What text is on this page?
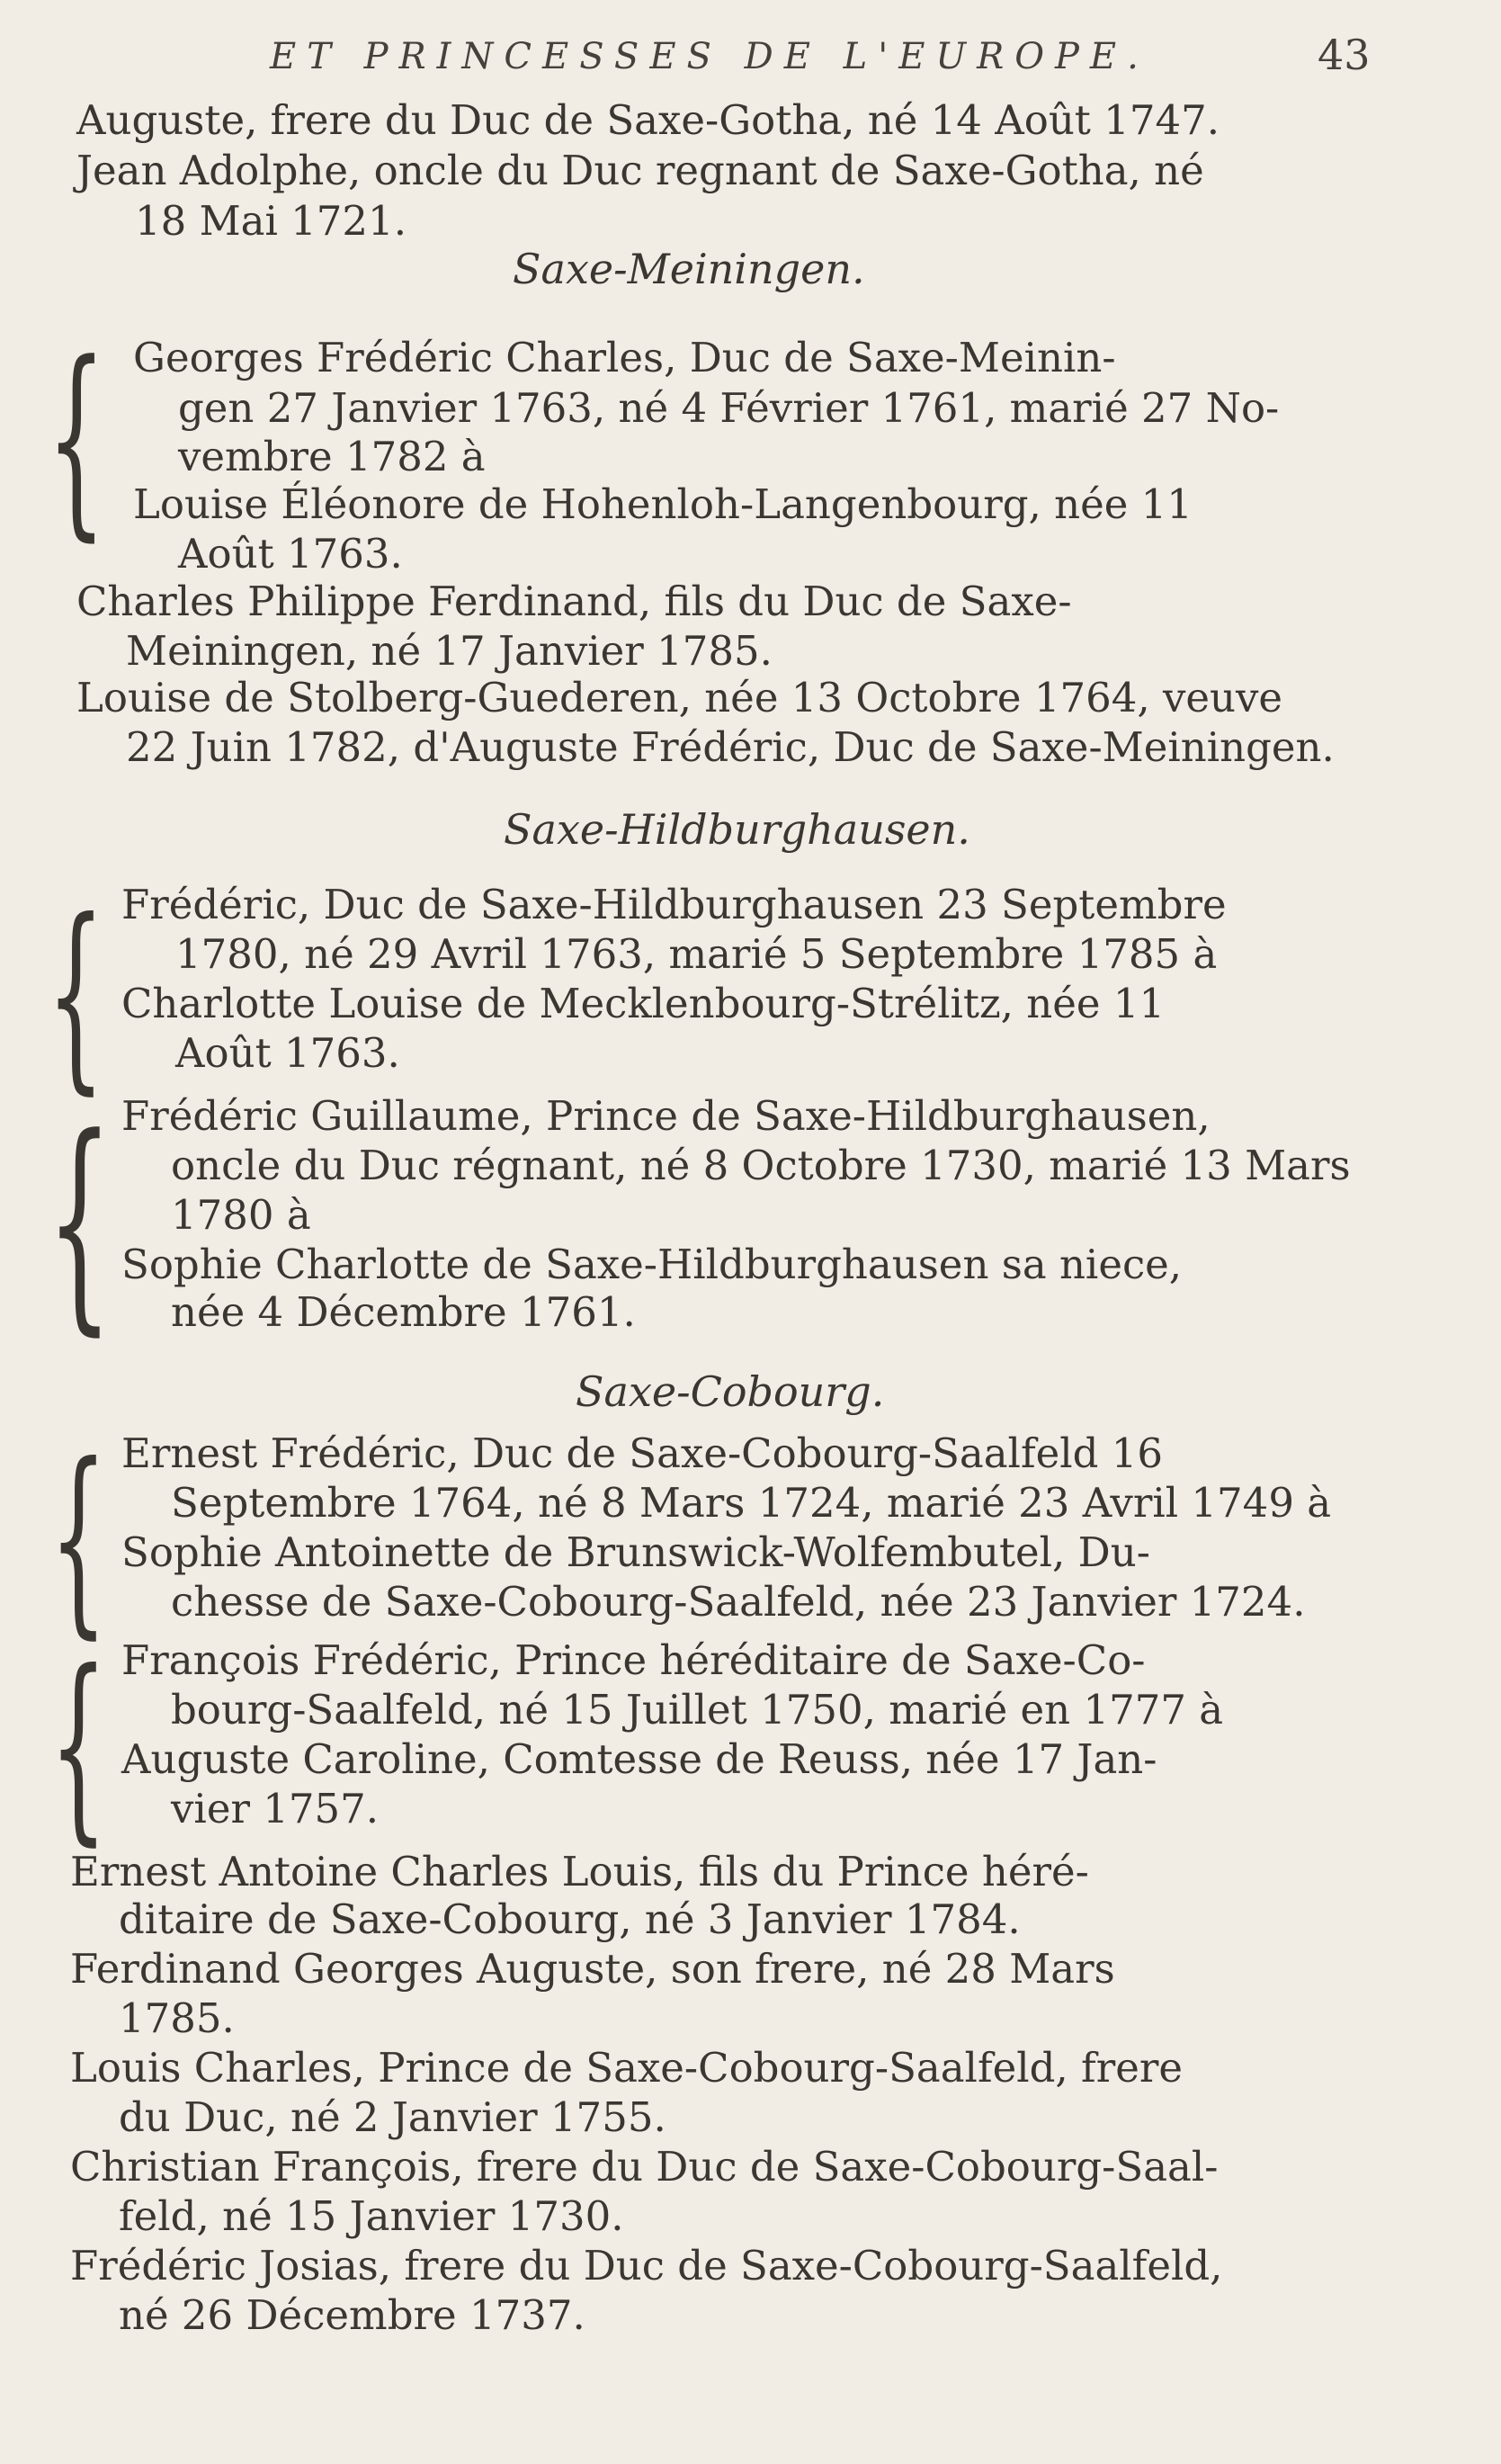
ET PRINCESSES DE L'EUROPE.	43
Auguste, frere du Duc de Saxe-Gotha, né 14 Août 1747.
Jean Adolphe, oncle du Duc regnant de Saxe-Gotha, né
18 Mai 1721.
Saxe-Meiningen.
{ Georges Frédéric Charles, Duc de Saxe-Meinin-
gen 27 Janvier 1763, né 4 Février 1761, marié 27 No-
vembre 1782 à
Louise Éléonore de Hohenloh-Langenbourg, née 11
Août 1763.
Charles Philippe Ferdinand, fils du Duc de Saxe-
Meiningen, né 17 Janvier 1785.
Louise de Stolberg-Guederen, née 13 Octobre 1764, veuve
22 Juin 1782, d'Auguste Frédéric, Duc de Saxe-Meiningen.
Saxe-Hildburghausen.
{ Frédéric, Duc de Saxe-Hildburghausen 23 Septembre
1780, né 29 Avril 1763, marié 5 Septembre 1785 à
Charlotte Louise de Mecklenbourg-Strélitz, née 11
Août 1763.
{ Frédéric Guillaume, Prince de Saxe-Hildburghausen,
oncle du Duc régnant, né 8 Octobre 1730, marié 13 Mars
1780 à
Sophie Charlotte de Saxe-Hildburghausen sa niece,
née 4 Décembre 1761.
Saxe-Cobourg.
{ Ernest Frédéric, Duc de Saxe-Cobourg-Saalfeld 16
Septembre 1764, né 8 Mars 1724, marié 23 Avril 1749 à
Sophie Antoinette de Brunswick-Wolfembutel, Du-
chesse de Saxe-Cobourg-Saalfeld, née 23 Janvier 1724.
{ François Frédéric, Prince héréditaire de Saxe-Co-
bourg-Saalfeld, né 15 Juillet 1750, marié en 1777 à
Auguste Caroline, Comtesse de Reuss, née 17 Jan-
vier 1757.
Ernest Antoine Charles Louis, fils du Prince héré-
ditaire de Saxe-Cobourg, né 3 Janvier 1784.
Ferdinand Georges Auguste, son frere, né 28 Mars
1785.
Louis Charles, Prince de Saxe-Cobourg-Saalfeld, frere
du Duc, né 2 Janvier 1755.
Christian François, frere du Duc de Saxe-Cobourg-Saal-
feld, né 15 Janvier 1730.
Frédéric Josias, frere du Duc de Saxe-Cobourg-Saalfeld,
né 26 Décembre 1737.
